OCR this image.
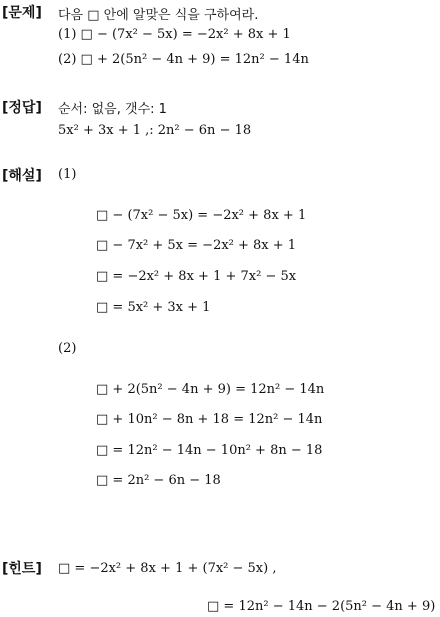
[문제] 다음 □ 안에 알맞은 식을 구하여라.
(1) □ − (7x² − 5x) = −2x² + 8x + 1
(2) □ + 2(5n² − 4n + 9) = 12n² − 14n
[정답] 순서: 없음, 갯수: 1
5x² + 3x + 1 ,: 2n² − 6n − 18
[해설] (1)
□ − (7x² − 5x) = −2x² + 8x + 1
□ − 7x² + 5x = −2x² + 8x + 1
□ = −2x² + 8x + 1 + 7x² − 5x
□ = 5x² + 3x + 1
(2)
□ + 2(5n² − 4n + 9) = 12n² − 14n
□ + 10n² − 8n + 18 = 12n² − 14n
□ = 12n² − 14n − 10n² + 8n − 18
□ = 2n² − 6n − 18
[힌트] □ = −2x² + 8x + 1 + (7x² − 5x) ,
□ = 12n² − 14n − 2(5n² − 4n + 9)
